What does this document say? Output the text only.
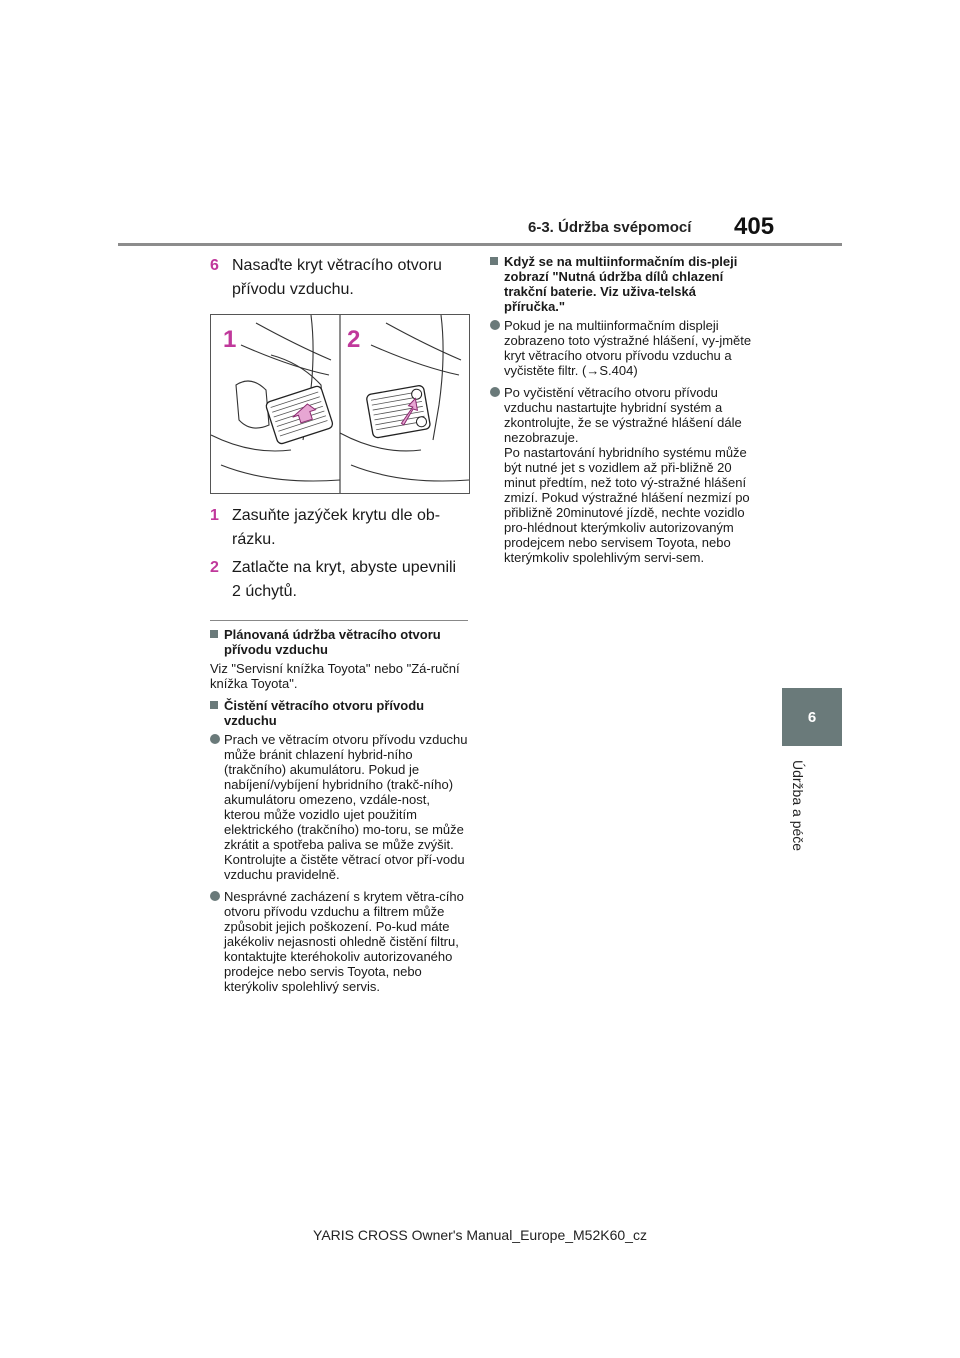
6-3. Údržba svépomocí 405
6
Údržba a péče
6 Nasaďte kryt větracího otvoru přívodu vzduchu.
1	2
1 Zasuňte jazýček krytu dle ob-rázku.
2 Zatlačte na kryt, abyste upevnili 2 úchytů.
Plánovaná údržba větracího otvoru přívodu vzduchu
Viz "Servisní knížka Toyota" nebo "Zá-ruční knížka Toyota".
Čistění větracího otvoru přívodu vzduchu
Prach ve větracím otvoru přívodu vzduchu může bránit chlazení hybrid-ního (trakčního) akumulátoru. Pokud je nabíjení/vybíjení hybridního (trakč-ního) akumulátoru omezeno, vzdále-nost, kterou může vozidlo ujet použitím elektrického (trakčního) mo-toru, se může zkrátit a spotřeba paliva se může zvýšit.
Kontrolujte a čistěte větrací otvor pří-vodu vzduchu pravidelně.
Nesprávné zacházení s krytem větra-cího otvoru přívodu vzduchu a filtrem může způsobit jejich poškození. Po-kud máte jakékoliv nejasnosti ohledně čistění filtru, kontaktujte kteréhokoliv autorizovaného prodejce nebo servis Toyota, nebo kterýkoliv spolehlivý servis.
Když se na multiinformačním dis-pleji zobrazí "Nutná údržba dílů chlazení trakční baterie. Viz uživa-telská příručka."
Pokud je na multiinformačním displeji zobrazeno toto výstražné hlášení, vy-jměte kryt větracího otvoru přívodu vzduchu a vyčistěte filtr. (→S.404)
Po vyčistění větracího otvoru přívodu vzduchu nastartujte hybridní systém a zkontrolujte, že se výstražné hlášení dále nezobrazuje.
Po nastartování hybridního systému může být nutné jet s vozidlem až při-bližně 20 minut předtím, než toto vý-stražné hlášení zmizí. Pokud výstražné hlášení nezmizí po přibližně 20minutové jízdě, nechte vozidlo pro-hlédnout kterýmkoliv autorizovaným prodejcem nebo servisem Toyota, nebo kterýmkoliv spolehlivým servi-sem.
YARIS CROSS Owner's Manual_Europe_M52K60_cz
